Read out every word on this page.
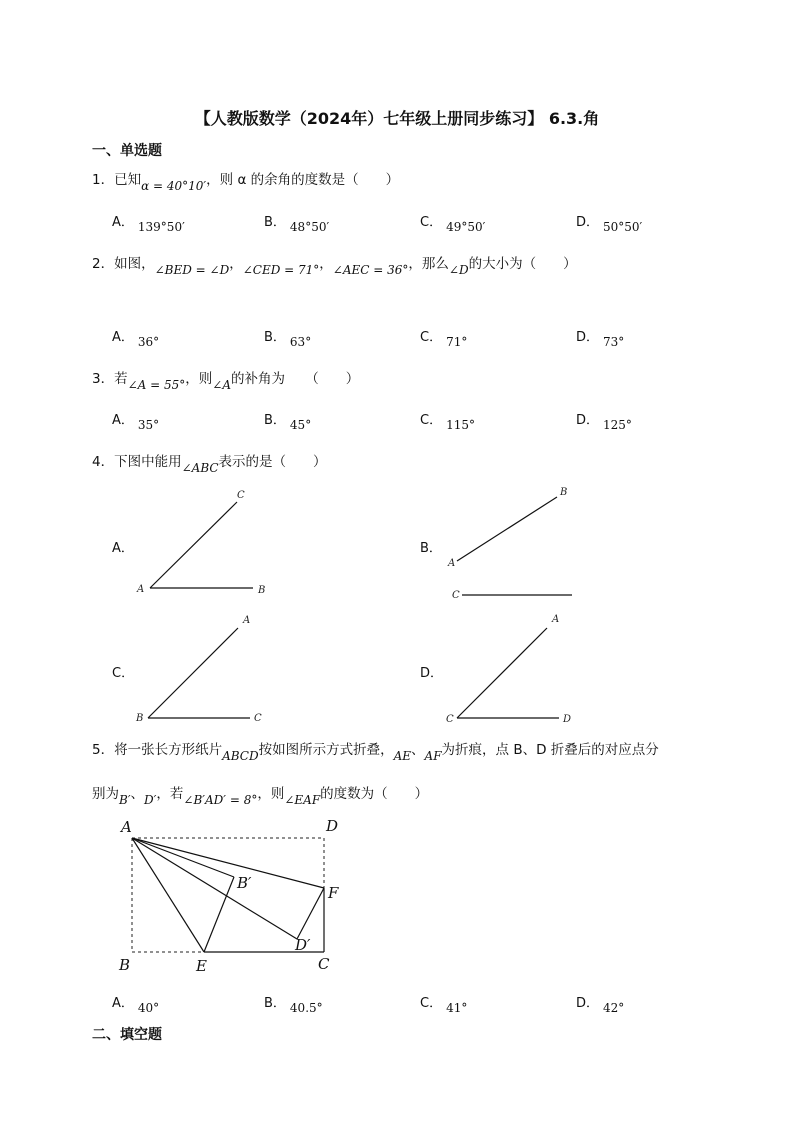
【人教版数学（2024年）七年级上册同步练习】 6.3.角
一、单选题
1．已知α = 40°10′，则 α 的余角的度数是（　　）
A． 139°50′	B． 48°50′	C． 49°50′	D． 50°50′
2．如图，∠BED = ∠D，∠CED = 71°，∠AEC = 36°，那么∠D的大小为（　　）
A． 36°	B． 63°	C． 71°	D． 73°
3．若∠A = 55°，则∠A的补角为　　（　　）
A． 35°	B． 45°	C． 115°	D． 125°
4．下图中能用∠ABC表示的是（　　）
A．	B．
C．	D．
C
A	B
B
A
C
A
B	C
A
C	D
5．将一张长方形纸片ABCD按如图所示方式折叠，AE、AF为折痕，点 B、D 折叠后的对应点分
别为B′、D′，若∠B′AD′ = 8°，则∠EAF的度数为（　　）
A	D
B	E	C
F
B′
D′
A． 40°	B． 40.5°	C． 41°	D． 42°
二、填空题
